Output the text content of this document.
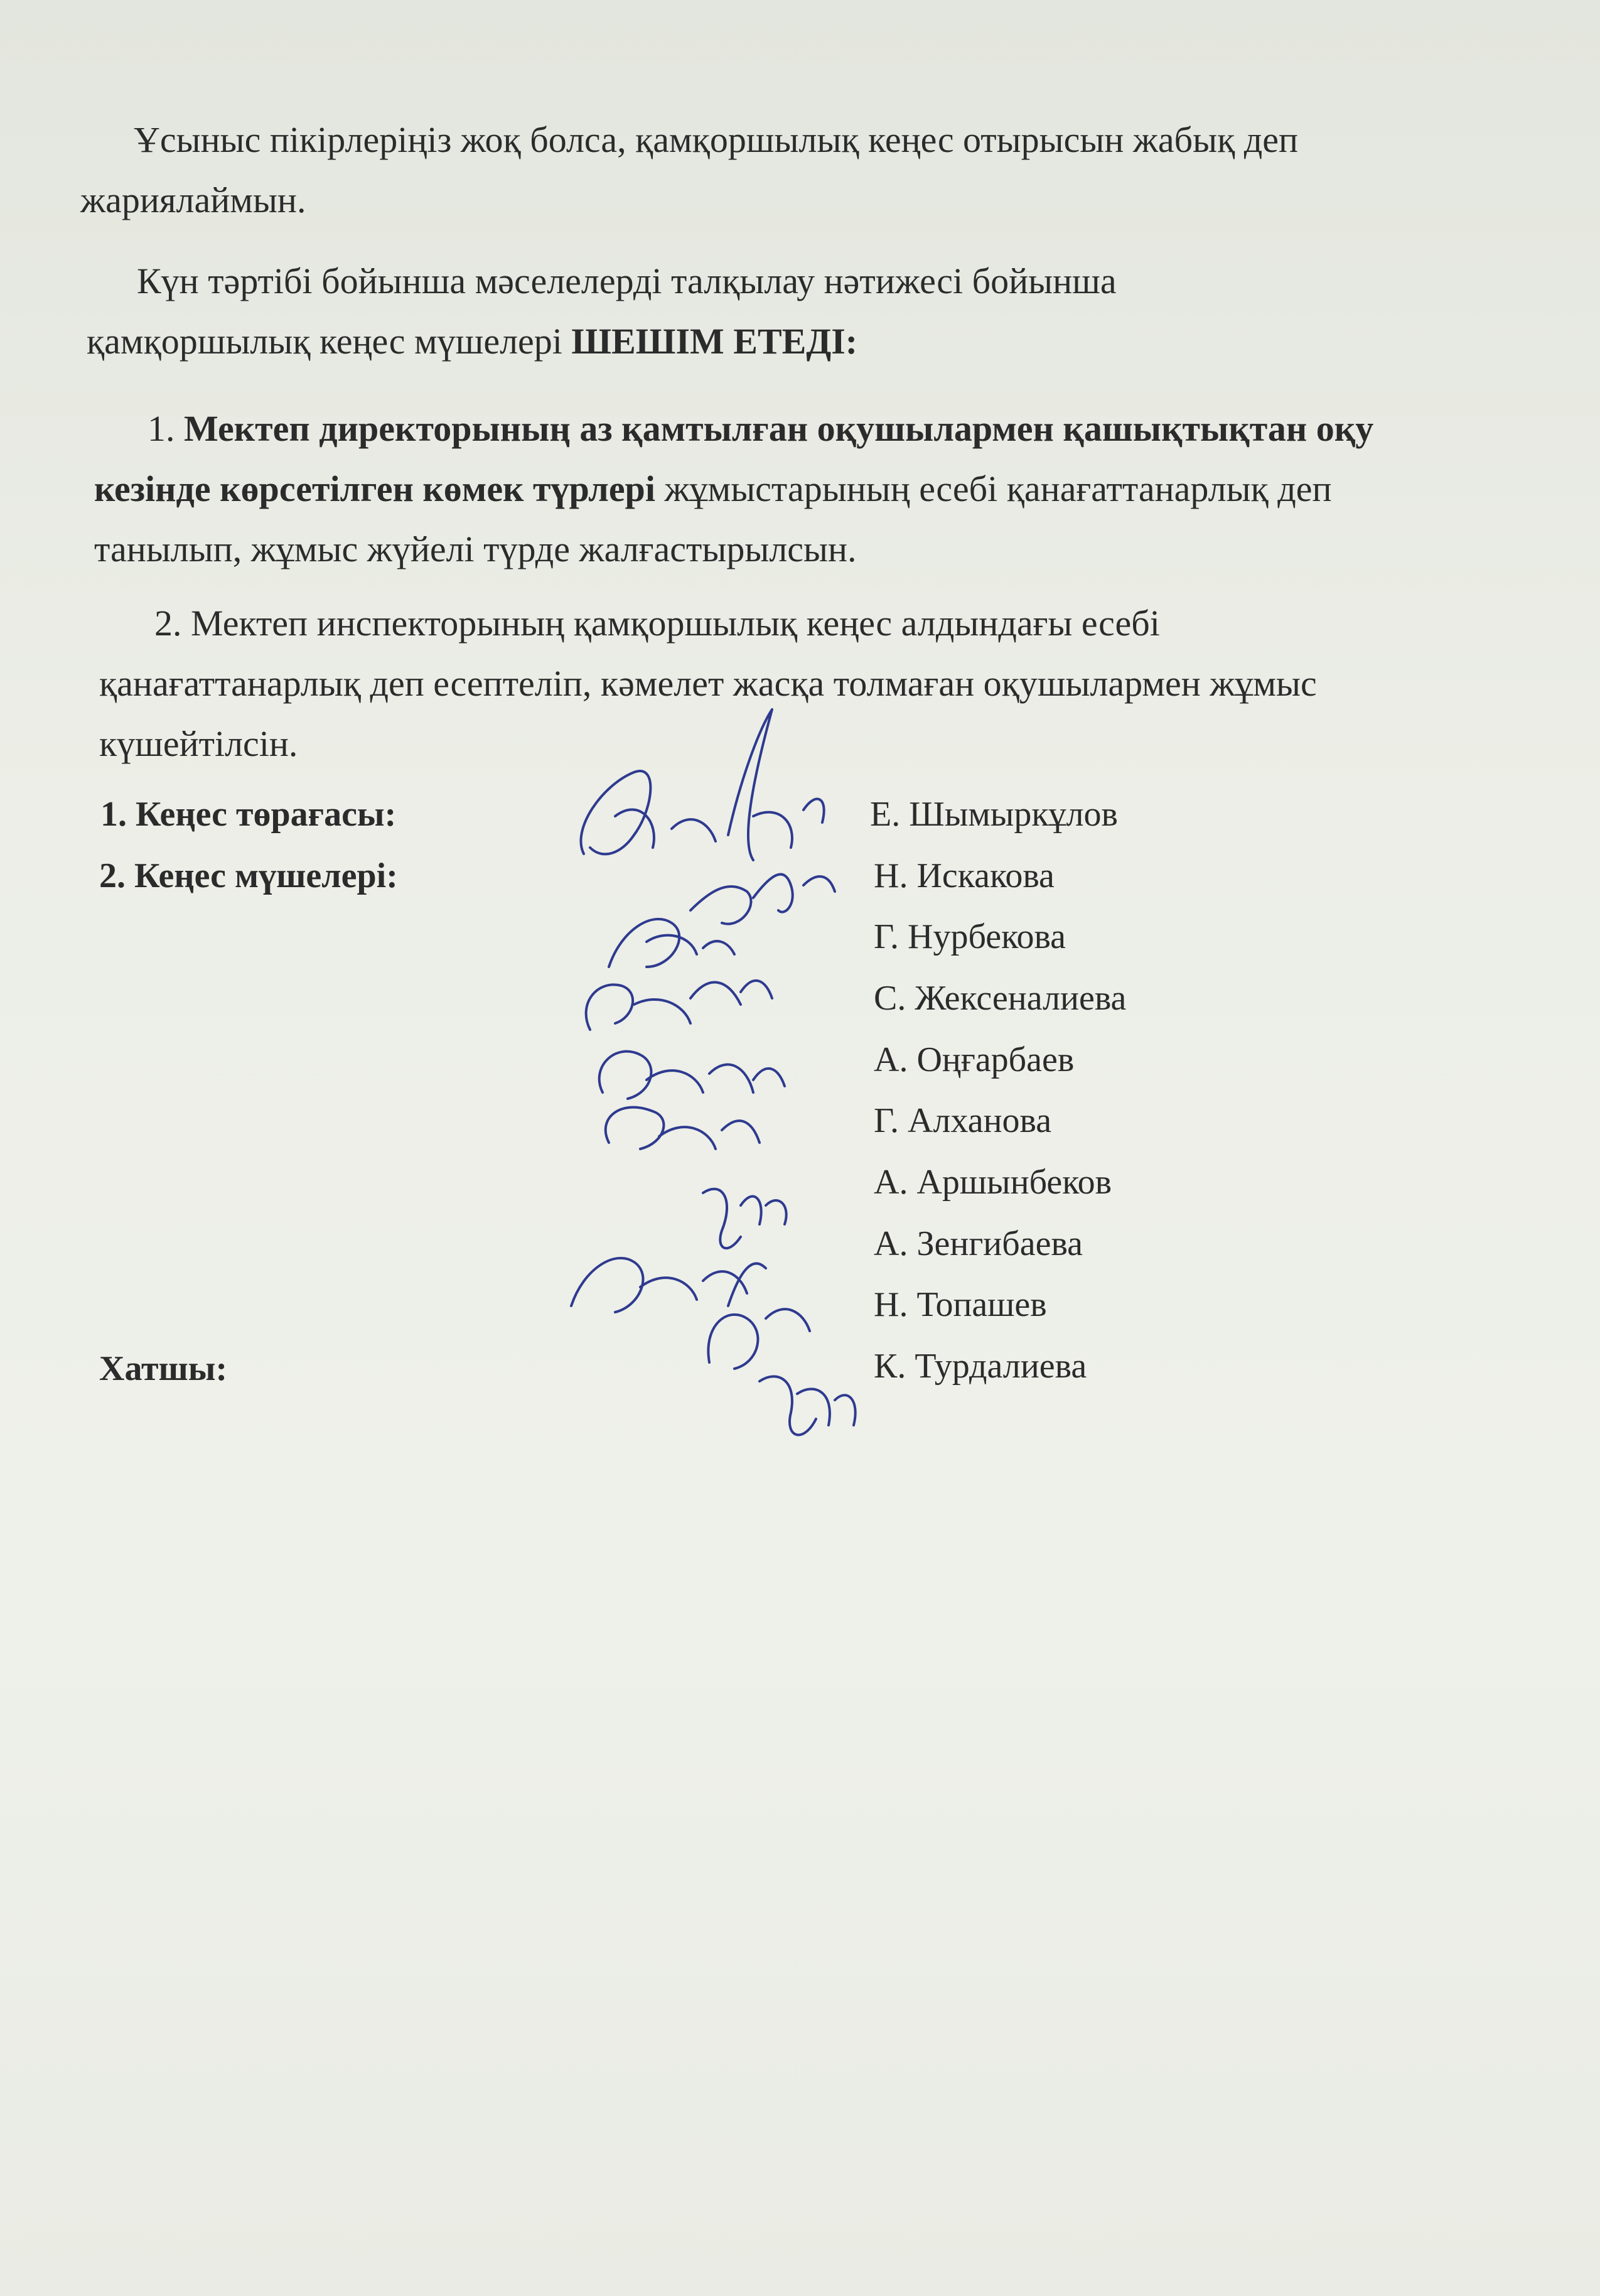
Ұсыныс пікірлеріңіз жоқ болса, қамқоршылық кеңес отырысын жабық деп жариялаймын.

Күн тәртібі бойынша мәселелерді талқылау нәтижесі бойынша қамқоршылық кеңес мүшелері ШЕШІМ ЕТЕДІ:

1. Мектеп директорының аз қамтылған оқушылармен қашықтықтан оқу кезінде көрсетілген көмек түрлері жұмыстарының есебі қанағаттанарлық деп танылып, жұмыс жүйелі түрде жалғастырылсын.

2. Мектеп инспекторының қамқоршылық кеңес алдындағы есебі қанағаттанарлық деп есептеліп, кәмелет жасқа толмаған оқушылармен жұмыс күшейтілсін.

1. Кеңес төрағасы:
2. Кеңес мүшелері:
Хатшы:
Е. Шымыркұлов
Н. Искакова
Г. Нурбекова
С. Жексеналиева
А. Оңғарбаев
Г. Алханова
А. Аршынбеков
А. Зенгибаева
Н. Топашев
К. Турдалиева
